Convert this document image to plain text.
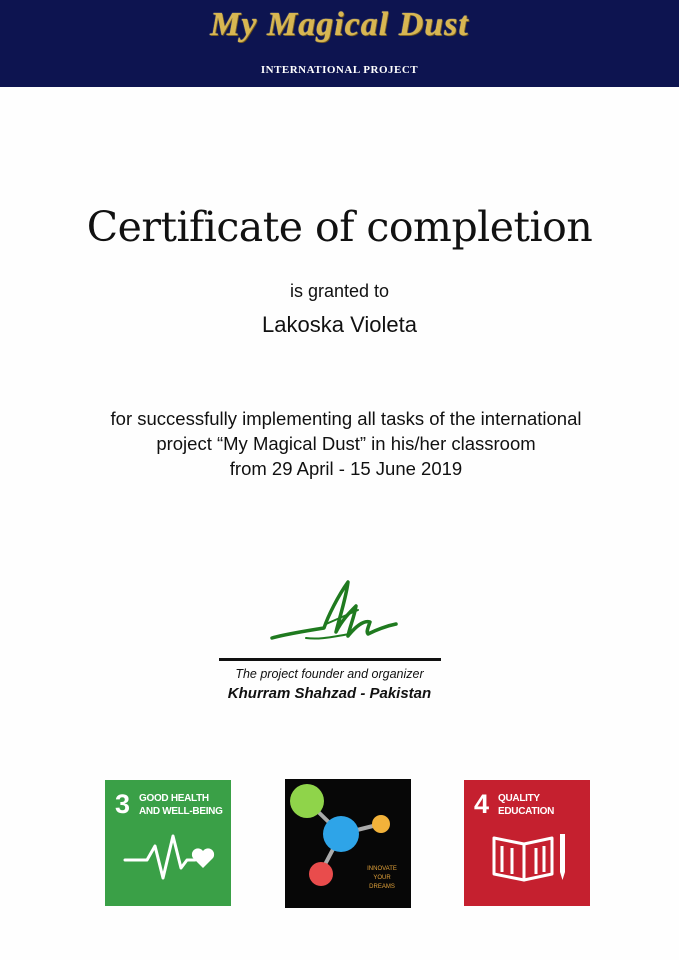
My Magical Dust
INTERNATIONAL PROJECT
Certificate of completion
is granted to
Lakoska Violeta
for successfully implementing all tasks of the international
project “My Magical Dust” in his/her classroom
from 29 April - 15 June 2019
The project founder and organizer
Khurram Shahzad - Pakistan
3 GOOD HEALTH
AND WELL-BEING
INNOVATE
YOUR
DREAMS
4 QUALITY
EDUCATION
